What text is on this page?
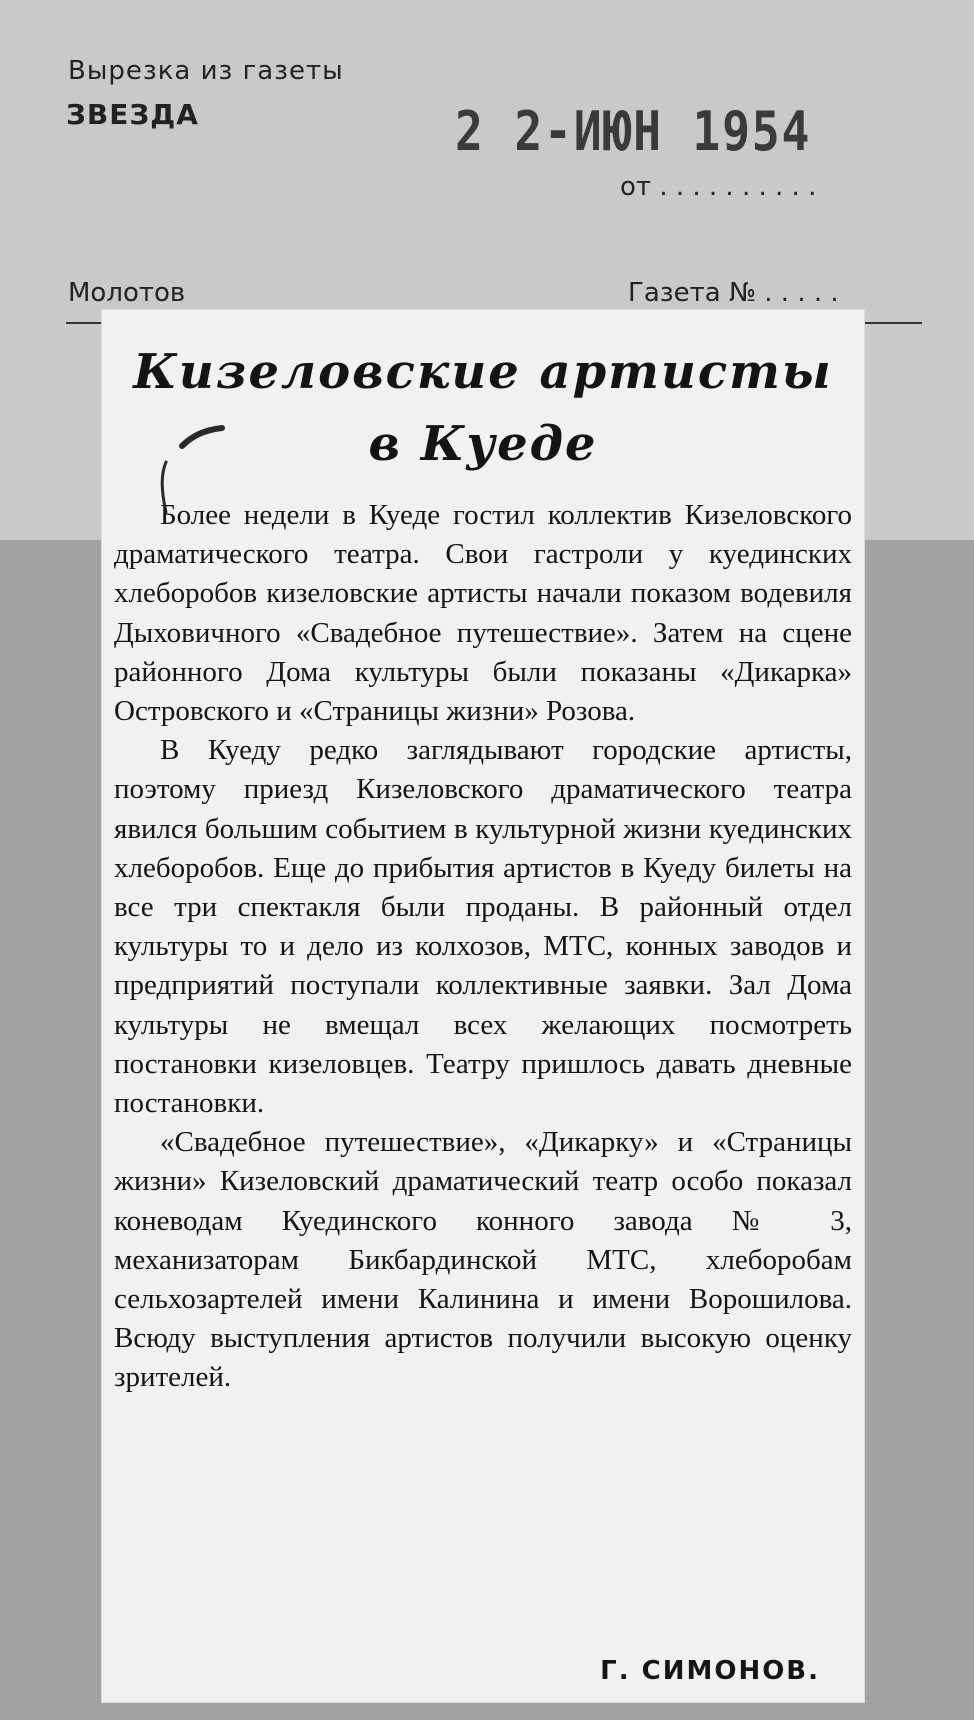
Вырезка из газеты
ЗВЕЗДА	2 2-ИЮН 1954
от . . . . . . . . . .
Молотов	Газета № . . . . .
Кизеловские артисты
в Куеде

Более недели в Куеде гостил коллектив Кизеловского драматического театра. Свои гастроли у куединских хлеборобов кизеловские артисты начали показом водевиля Дыховичного «Свадебное путешествие». Затем на сцене районного Дома культуры были показаны «Дикарка» Островского и «Страницы жизни» Розова.

В Куеду редко заглядывают городские артисты, поэтому приезд Кизеловского драматического театра явился большим событием в культурной жизни куединских хлеборобов. Еще до прибытия артистов в Куеду билеты на все три спектакля были проданы. В районный отдел культуры то и дело из колхозов, МТС, конных заводов и предприятий поступали коллективные заявки. Зал Дома культуры не вмещал всех желающих посмотреть постановки кизеловцев. Театру пришлось давать дневные постановки.

«Свадебное путешествие», «Дикарку» и «Страницы жизни» Кизеловский драматический театр особо показал коневодам Куединского конного завода № 3, механизаторам Бикбардинской МТС, хлеборобам сельхозартелей имени Калинина и имени Ворошилова. Всюду выступления артистов получили высокую оценку зрителей.

Г. СИМОНОВ.
